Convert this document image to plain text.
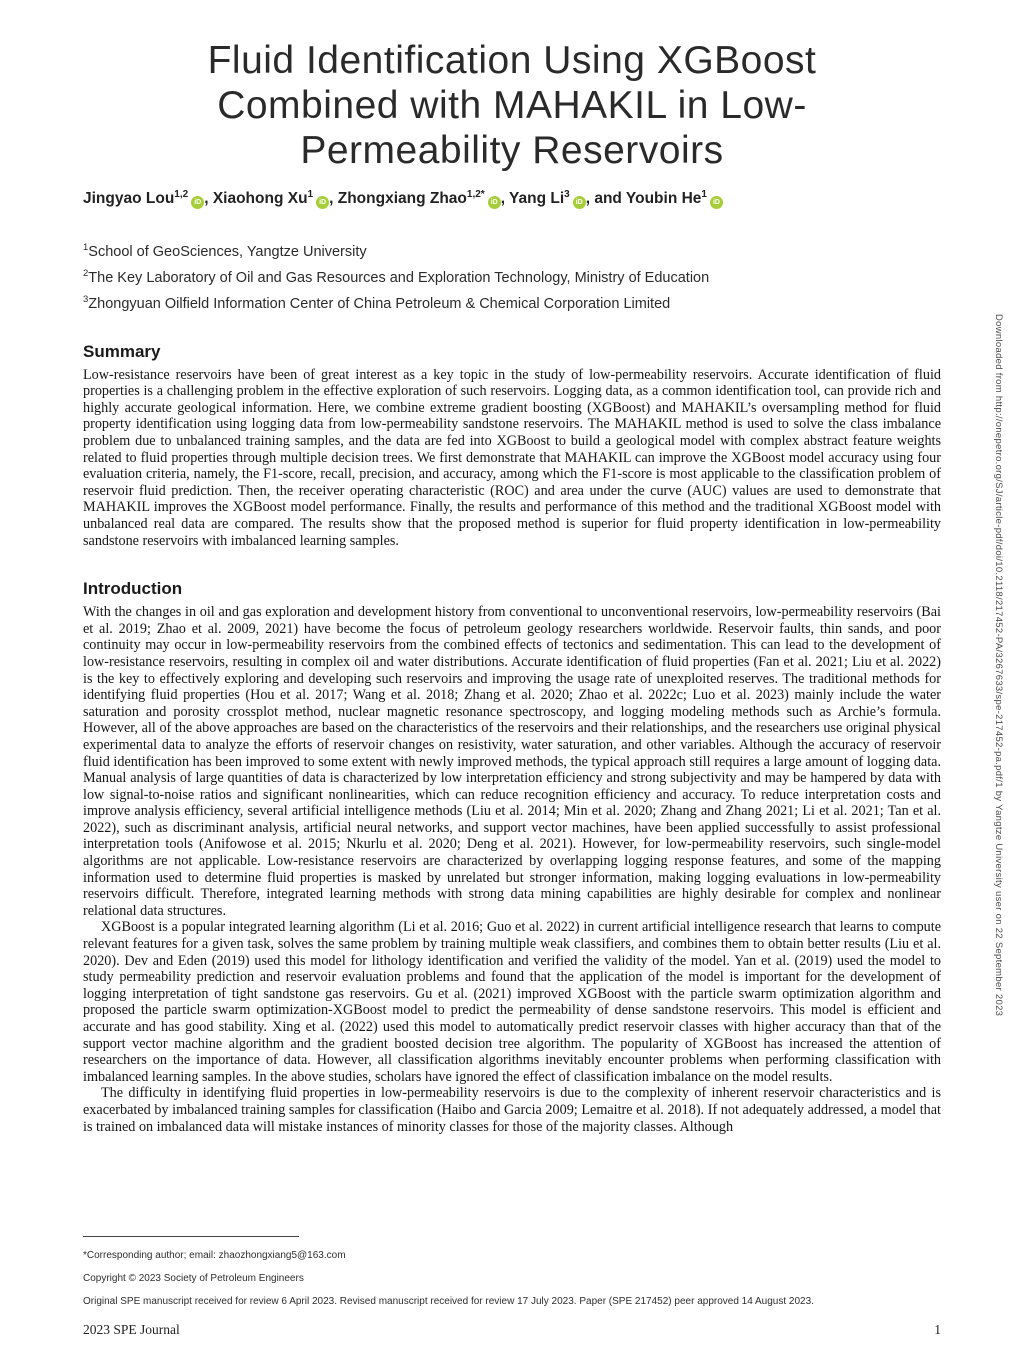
Downloaded from http://onepetro.org/SJ/article-pdf/doi/10.2118/217452-PA/3267633/spe-217452-pa.pdf/1 by Yangtze University user on 22 September 2023
Fluid Identification Using XGBoost
Combined with MAHAKIL in Low-
Permeability Reservoirs
Jingyao Lou$^{1,2}$iD , Xiaohong Xu$^1$iD , Zhongxiang Zhao$^{1,2*}$iD , Yang Li$^3$iD , and Youbin He$^1$iD
$^1$School of GeoSciences, Yangtze University
$^2$The Key Laboratory of Oil and Gas Resources and Exploration Technology, Ministry of Education
$^3$Zhongyuan Oilfield Information Center of China Petroleum & Chemical Corporation Limited
Summary

Low-resistance reservoirs have been of great interest as a key topic in the study of low-permeability reservoirs. Accurate identification of fluid properties is a challenging problem in the effective exploration of such reservoirs. Logging data, as a common identification tool, can provide rich and highly accurate geological information. Here, we combine extreme gradient boosting (XGBoost) and MAHAKIL’s oversampling method for fluid property identification using logging data from low-permeability sandstone reservoirs. The MAHAKIL method is used to solve the class imbalance problem due to unbalanced training samples, and the data are fed into XGBoost to build a geological model with complex abstract feature weights related to fluid properties through multiple decision trees. We first demonstrate that MAHAKIL can improve the XGBoost model accuracy using four evaluation criteria, namely, the F1-score, recall, precision, and accuracy, among which the F1-score is most applicable to the classification problem of reservoir fluid prediction. Then, the receiver operating characteristic (ROC) and area under the curve (AUC) values are used to demonstrate that MAHAKIL improves the XGBoost model performance. Finally, the results and performance of this method and the traditional XGBoost model with unbalanced real data are compared. The results show that the proposed method is superior for fluid property identification in low-permeability sandstone reservoirs with imbalanced learning samples.

Introduction

With the changes in oil and gas exploration and development history from conventional to unconventional reservoirs, low-permeability reservoirs (Bai et al. 2019; Zhao et al. 2009, 2021) have become the focus of petroleum geology researchers worldwide. Reservoir faults, thin sands, and poor continuity may occur in low-permeability reservoirs from the combined effects of tectonics and sedimentation. This can lead to the development of low-resistance reservoirs, resulting in complex oil and water distributions. Accurate identification of fluid properties (Fan et al. 2021; Liu et al. 2022) is the key to effectively exploring and developing such reservoirs and improving the usage rate of unexploited reserves. The traditional methods for identifying fluid properties (Hou et al. 2017; Wang et al. 2018; Zhang et al. 2020; Zhao et al. 2022c; Luo et al. 2023) mainly include the water saturation and porosity crossplot method, nuclear magnetic resonance spectroscopy, and logging modeling methods such as Archie’s formula. However, all of the above approaches are based on the characteristics of the reservoirs and their relationships, and the researchers use original physical experimental data to analyze the efforts of reservoir changes on resistivity, water saturation, and other variables. Although the accuracy of reservoir fluid identification has been improved to some extent with newly improved methods, the typical approach still requires a large amount of logging data. Manual analysis of large quantities of data is characterized by low interpretation efficiency and strong subjectivity and may be hampered by data with low signal-to-noise ratios and significant nonlinearities, which can reduce recognition efficiency and accuracy. To reduce interpretation costs and improve analysis efficiency, several artificial intelligence methods (Liu et al. 2014; Min et al. 2020; Zhang and Zhang 2021; Li et al. 2021; Tan et al. 2022), such as discriminant analysis, artificial neural networks, and support vector machines, have been applied successfully to assist professional interpretation tools (Anifowose et al. 2015; Nkurlu et al. 2020; Deng et al. 2021). However, for low-permeability reservoirs, such single-model algorithms are not applicable. Low-resistance reservoirs are characterized by overlapping logging response features, and some of the mapping information used to determine fluid properties is masked by unrelated but stronger information, making logging evaluations in low-permeability reservoirs difficult. Therefore, integrated learning methods with strong data mining capabilities are highly desirable for complex and nonlinear relational data structures.

XGBoost is a popular integrated learning algorithm (Li et al. 2016; Guo et al. 2022) in current artificial intelligence research that learns to compute relevant features for a given task, solves the same problem by training multiple weak classifiers, and combines them to obtain better results (Liu et al. 2020). Dev and Eden (2019) used this model for lithology identification and verified the validity of the model. Yan et al. (2019) used the model to study permeability prediction and reservoir evaluation problems and found that the application of the model is important for the development of logging interpretation of tight sandstone gas reservoirs. Gu et al. (2021) improved XGBoost with the particle swarm optimization algorithm and proposed the particle swarm optimization-XGBoost model to predict the permeability of dense sandstone reservoirs. This model is efficient and accurate and has good stability. Xing et al. (2022) used this model to automatically predict reservoir classes with higher accuracy than that of the support vector machine algorithm and the gradient boosted decision tree algorithm. The popularity of XGBoost has increased the attention of researchers on the importance of data. However, all classification algorithms inevitably encounter problems when performing classification with imbalanced learning samples. In the above studies, scholars have ignored the effect of classification imbalance on the model results.

The difficulty in identifying fluid properties in low-permeability reservoirs is due to the complexity of inherent reservoir characteristics and is exacerbated by imbalanced training samples for classification (Haibo and Garcia 2009; Lemaitre et al. 2018). If not adequately addressed, a model that is trained on imbalanced data will mistake instances of minority classes for those of the majority classes. Although

*Corresponding author; email: zhaozhongxiang5@163.com

Copyright © 2023 Society of Petroleum Engineers

Original SPE manuscript received for review 6 April 2023. Revised manuscript received for review 17 July 2023. Paper (SPE 217452) peer approved 14 August 2023.

2023 SPE Journal	1
